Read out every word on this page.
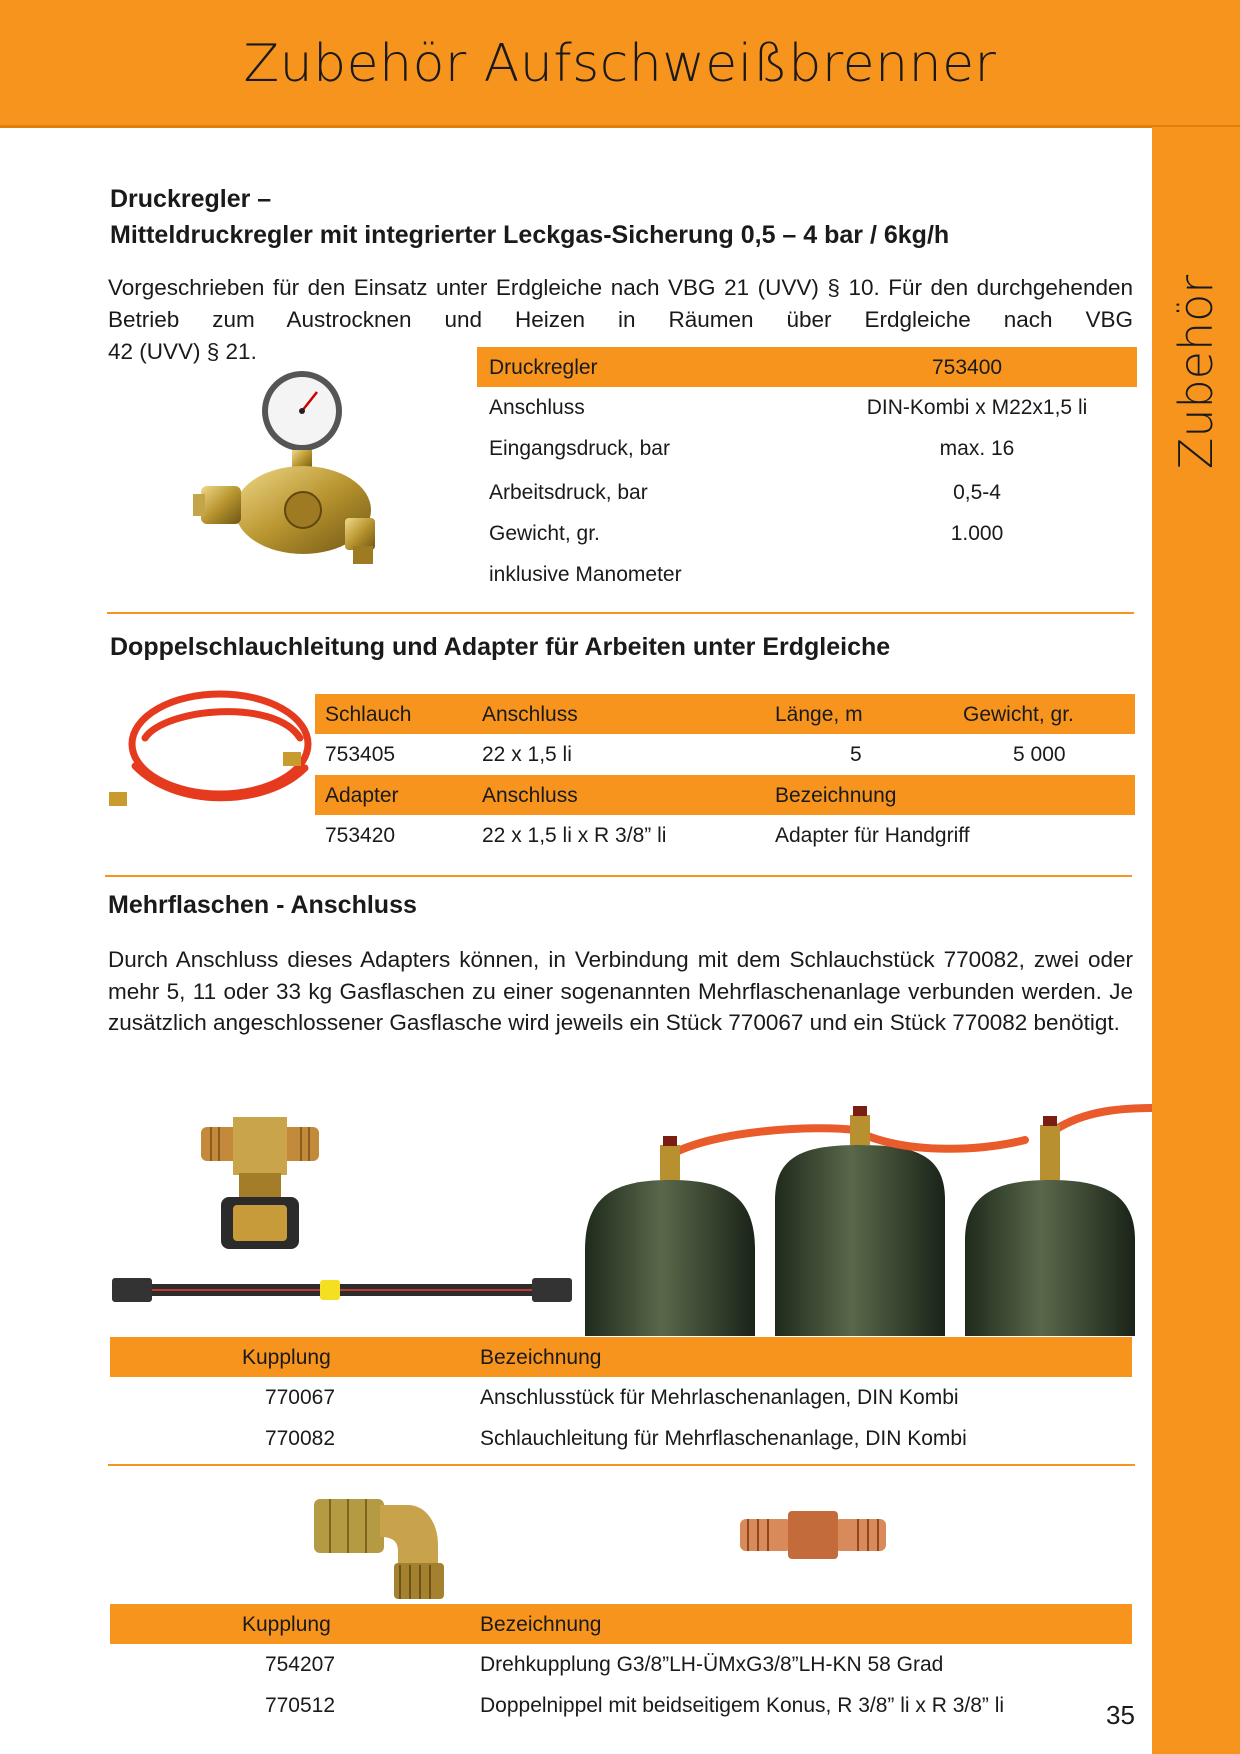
Zubehör Aufschweißbrenner
Zubehör
Druckregler –
Mitteldruckregler mit integrierter Leckgas-Sicherung 0,5 – 4 bar / 6kg/h

Vorgeschrieben für den Einsatz unter Erdgleiche nach VBG 21 (UVV) § 10. Für den durchgehenden Betrieb zum Austrocknen und Heizen in Räumen über Erdgleiche nach VBG

42 (UVV) § 21.

Druckregler	753400
Anschluss	DIN-Kombi x M22x1,5 li
Eingangsdruck, bar	max. 16
Arbeitsdruck, bar	0,5-4
Gewicht, gr.	1.000
inklusive Manometer
Doppelschlauchleitung und Adapter für Arbeiten unter Erdgleiche
Schlauch	Anschluss	Länge, m	Gewicht, gr.
753405	22 x 1,5 li	5	5 000
Adapter	Anschluss	Bezeichnung
753420	22 x 1,5 li x R 3/8” li	Adapter für Handgriff
Mehrflaschen - Anschluss

Durch Anschluss dieses Adapters können, in Verbindung mit dem Schlauchstück 770082, zwei oder mehr 5, 11 oder 33 kg Gasflaschen zu einer sogenannten Mehrflaschenanlage verbunden werden. Je zusätzlich angeschlossener Gasflasche wird jeweils ein Stück 770067 und ein Stück 770082 benötigt.

Kupplung	Bezeichnung
770067	Anschlusstück für Mehrlaschenanlagen, DIN Kombi
770082	Schlauchleitung für Mehrflaschenanlage, DIN Kombi
Kupplung	Bezeichnung
754207	Drehkupplung G3/8”LH-ÜMxG3/8”LH-KN 58 Grad
770512	Doppelnippel mit beidseitigem Konus, R 3/8” li x R 3/8” li	35
